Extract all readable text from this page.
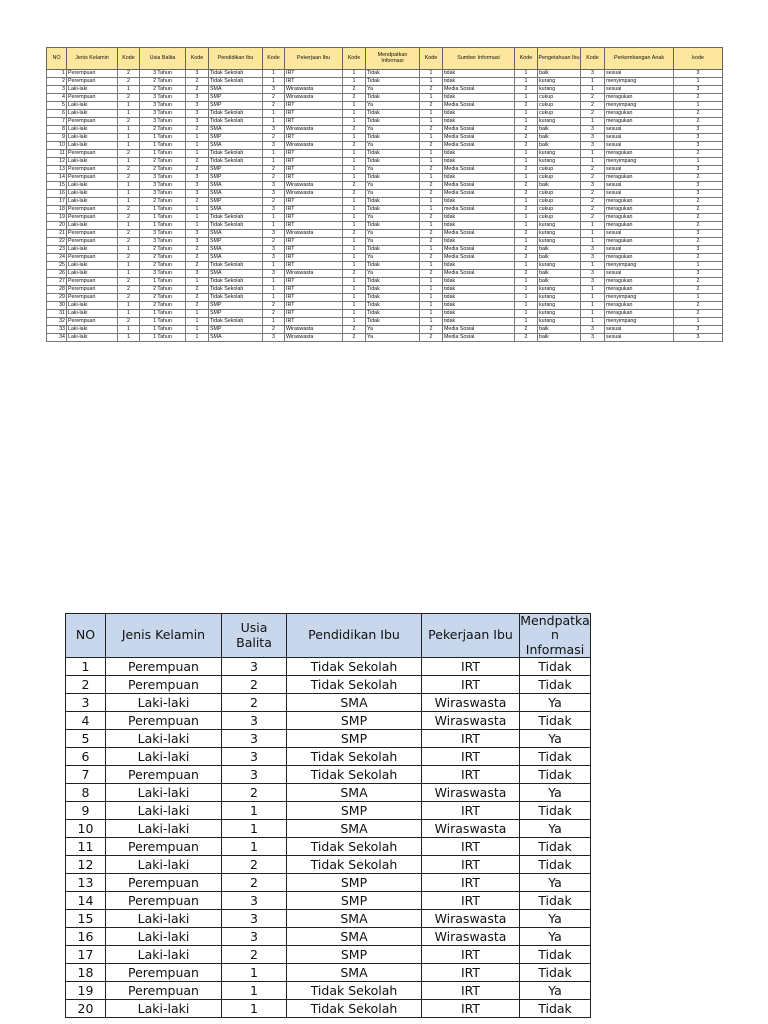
NO	Jenis Kelamin	Kode	Usia Balita	Kode	Pendidikan Ibu	Kode	Pekerjaan Ibu	Kode	Mendpatkan Informasi	Kode	Sumber Informasi	Kode	Pengetahuan Ibu	Kode	Perkembangan Anak	kode
1	Perempuan	2	3 Tahun	3	Tidak Sekolah	1	IRT	1	Tidak	1	tidak	1	baik	3	sesuai	3
2	Perempuan	2	2 Tahun	2	Tidak Sekolah	1	IRT	1	Tidak	1	tidak	1	kurang	1	menyimpang	1
3	Laki-laki	1	2 Tahun	2	SMA	3	Wiraswasta	2	Ya	2	Media Sosial	2	kurang	1	sesuai	3
4	Perempuan	2	3 Tahun	3	SMP	2	Wiraswasta	2	Tidak	1	tidak	1	cukup	2	meragukan	2
5	Laki-laki	1	3 Tahun	3	SMP	2	IRT	1	Ya	2	Media Sosial	2	cukup	2	menyimpang	1
6	Laki-laki	1	3 Tahun	3	Tidak Sekolah	1	IRT	1	Tidak	1	tidak	1	cukup	2	meragukan	2
7	Perempuan	2	3 Tahun	3	Tidak Sekolah	1	IRT	1	Tidak	1	tidak	1	kurang	1	meragukan	2
8	Laki-laki	1	2 Tahun	2	SMA	3	Wiraswasta	2	Ya	2	Media Sosial	2	baik	3	sesuai	3
9	Laki-laki	1	1 Tahun	1	SMP	2	IRT	1	Tidak	1	Media Sosial	2	baik	3	sesuai	3
10	Laki-laki	1	1 Tahun	1	SMA	3	Wiraswasta	2	Ya	2	Media Sosial	2	baik	3	sesuai	3
11	Perempuan	2	1 Tahun	1	Tidak Sekolah	1	IRT	1	Tidak	1	tidak	1	kurang	1	meragukan	2
12	Laki-laki	1	2 Tahun	2	Tidak Sekolah	1	IRT	1	Tidak	1	tidak	1	kurang	1	menyimpang	1
13	Perempuan	2	2 Tahun	2	SMP	2	IRT	1	Ya	2	Media Sosial	2	cukup	2	sesuai	3
14	Perempuan	2	3 Tahun	3	SMP	2	IRT	1	Tidak	1	tidak	1	cukup	2	meragukan	2
15	Laki-laki	1	3 Tahun	3	SMA	3	Wiraswasta	2	Ya	2	Media Sosial	2	baik	3	sesuai	3
16	Laki-laki	1	3 Tahun	3	SMA	3	Wiraswasta	2	Ya	2	Media Sosial	2	cukup	2	sesuai	3
17	Laki-laki	1	2 Tahun	2	SMP	2	IRT	1	Tidak	1	tidak	1	cukup	2	meragukan	2
18	Perempuan	2	1 Tahun	1	SMA	3	IRT	1	Tidak	1	media Sosial	2	cukup	2	meragukan	2
19	Perempuan	2	1 Tahun	1	Tidak Sekolah	1	IRT	1	Ya	2	tidak	1	cukup	2	meragukan	2
20	Laki-laki	1	1 Tahun	1	Tidak Sekolah	1	IRT	1	Tidak	1	tidak	1	kurang	1	meragukan	2
21	Perempuan	2	3 Tahun	3	SMA	3	Wiraswasta	2	Ya	2	Media Sosial	2	kurang	1	sesuai	3
22	Perempuan	2	3 Tahun	3	SMP	2	IRT	1	Ya	2	tidak	1	kurang	1	meragukan	2
23	Laki-laki	1	2 Tahun	2	SMA	3	IRT	1	Tidak	1	Media Sosial	2	baik	3	sesuai	3
24	Perempuan	2	2 Tahun	2	SMA	3	IRT	1	Ya	2	Media Sosial	2	baik	3	meragukan	2
25	Laki-laki	1	2 Tahun	2	Tidak Sekolah	1	IRT	1	Tidak	1	tidak	1	kurang	1	menyimpang	1
26	Laki-laki	1	3 Tahun	3	SMA	3	Wiraswasta	2	Ya	2	Media Sosial	2	baik	3	sesuai	3
27	Perempuan	2	1 Tahun	1	Tidak Sekolah	1	IRT	1	Tidak	1	tidak	1	baik	3	meragukan	2
28	Perempuan	2	2 Tahun	2	Tidak Sekolah	1	IRT	1	Tidak	1	tidak	1	kurang	1	meragukan	2
29	Perempuan	2	2 Tahun	2	Tidak Sekolah	1	IRT	1	Tidak	1	tidak	1	kurang	1	menyimpang	1
30	Laki-laki	1	2 Tahun	2	SMP	2	IRT	1	Tidak	1	tidak	1	kurang	1	meragukan	2
31	Laki-laki	1	1 Tahun	1	SMP	2	IRT	1	Tidak	1	tidak	1	kurang	1	meragukan	2
32	Perempuan	2	1 Tahun	1	Tidak Sekolah	1	IRT	1	Tidak	1	tidak	1	kurang	1	menyimpang	1
33	Laki-laki	1	1 Tahun	1	SMP	2	Wiraswasta	2	Ya	2	Media Sosial	2	baik	3	sesuai	3
34	Laki-laki	1	1 Tahun	1	SMA	3	Wiraswasta	2	Ya	2	Media Sosial	2	baik	3	sesuai	3
NO	Jenis Kelamin	Usia Balita	Pendidikan Ibu	Pekerjaan Ibu	Mendpatka
n Informasi
1	Perempuan	3	Tidak Sekolah	IRT	Tidak
2	Perempuan	2	Tidak Sekolah	IRT	Tidak
3	Laki-laki	2	SMA	Wiraswasta	Ya
4	Perempuan	3	SMP	Wiraswasta	Tidak
5	Laki-laki	3	SMP	IRT	Ya
6	Laki-laki	3	Tidak Sekolah	IRT	Tidak
7	Perempuan	3	Tidak Sekolah	IRT	Tidak
8	Laki-laki	2	SMA	Wiraswasta	Ya
9	Laki-laki	1	SMP	IRT	Tidak
10	Laki-laki	1	SMA	Wiraswasta	Ya
11	Perempuan	1	Tidak Sekolah	IRT	Tidak
12	Laki-laki	2	Tidak Sekolah	IRT	Tidak
13	Perempuan	2	SMP	IRT	Ya
14	Perempuan	3	SMP	IRT	Tidak
15	Laki-laki	3	SMA	Wiraswasta	Ya
16	Laki-laki	3	SMA	Wiraswasta	Ya
17	Laki-laki	2	SMP	IRT	Tidak
18	Perempuan	1	SMA	IRT	Tidak
19	Perempuan	1	Tidak Sekolah	IRT	Ya
20	Laki-laki	1	Tidak Sekolah	IRT	Tidak
